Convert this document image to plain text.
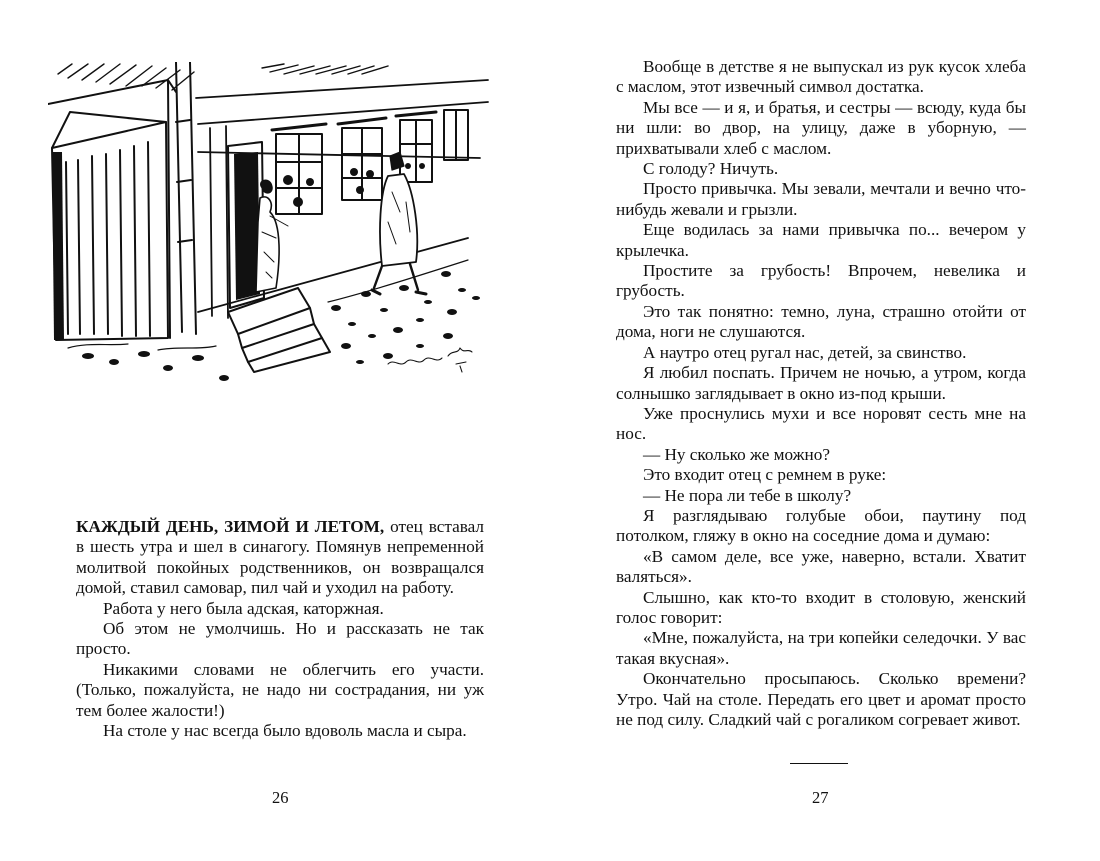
КАЖДЫЙ ДЕНЬ, ЗИМОЙ И ЛЕТОМ, отец вставал в шесть утра и шел в синагогу. Помянув непременной молитвой покойных родственников, он возвращался домой, ставил самовар, пил чай и уходил на работу.

Работа у него была адская, каторжная.

Об этом не умолчишь. Но и рассказать не так просто.

Никакими словами не облегчить его участи. (Только, пожалуйста, не надо ни сострадания, ни уж тем более жалости!)

На столе у нас всегда было вдоволь масла и сыра.

26

Вообще в детстве я не выпускал из рук кусок хлеба с маслом, этот извечный символ достатка.

Мы все — и я, и братья, и сестры — всюду, куда бы ни шли: во двор, на улицу, даже в уборную, — прихватывали хлеб с маслом.

С голоду? Ничуть.

Просто привычка. Мы зевали, мечтали и вечно что-нибудь жевали и грызли.

Еще водилась за нами привычка по... вечером у крылечка.

Простите за грубость! Впрочем, невелика и грубость.

Это так понятно: темно, луна, страшно отойти от дома, ноги не слушаются.

А наутро отец ругал нас, детей, за свинство.

Я любил поспать. Причем не ночью, а утром, когда солнышко заглядывает в окно из-под крыши.

Уже проснулись мухи и все норовят сесть мне на нос.

— Ну сколько же можно?

Это входит отец с ремнем в руке:

— Не пора ли тебе в школу?

Я разглядываю голубые обои, паутину под потолком, гляжу в окно на соседние дома и думаю:

«В самом деле, все уже, наверно, встали. Хватит валяться».

Слышно, как кто-то входит в столовую, женский голос говорит:

«Мне, пожалуйста, на три копейки селедочки. У вас такая вкусная».

Окончательно просыпаюсь. Сколько времени? Утро. Чай на столе. Передать его цвет и аромат просто не под силу. Сладкий чай с рогаликом согревает живот.

27
